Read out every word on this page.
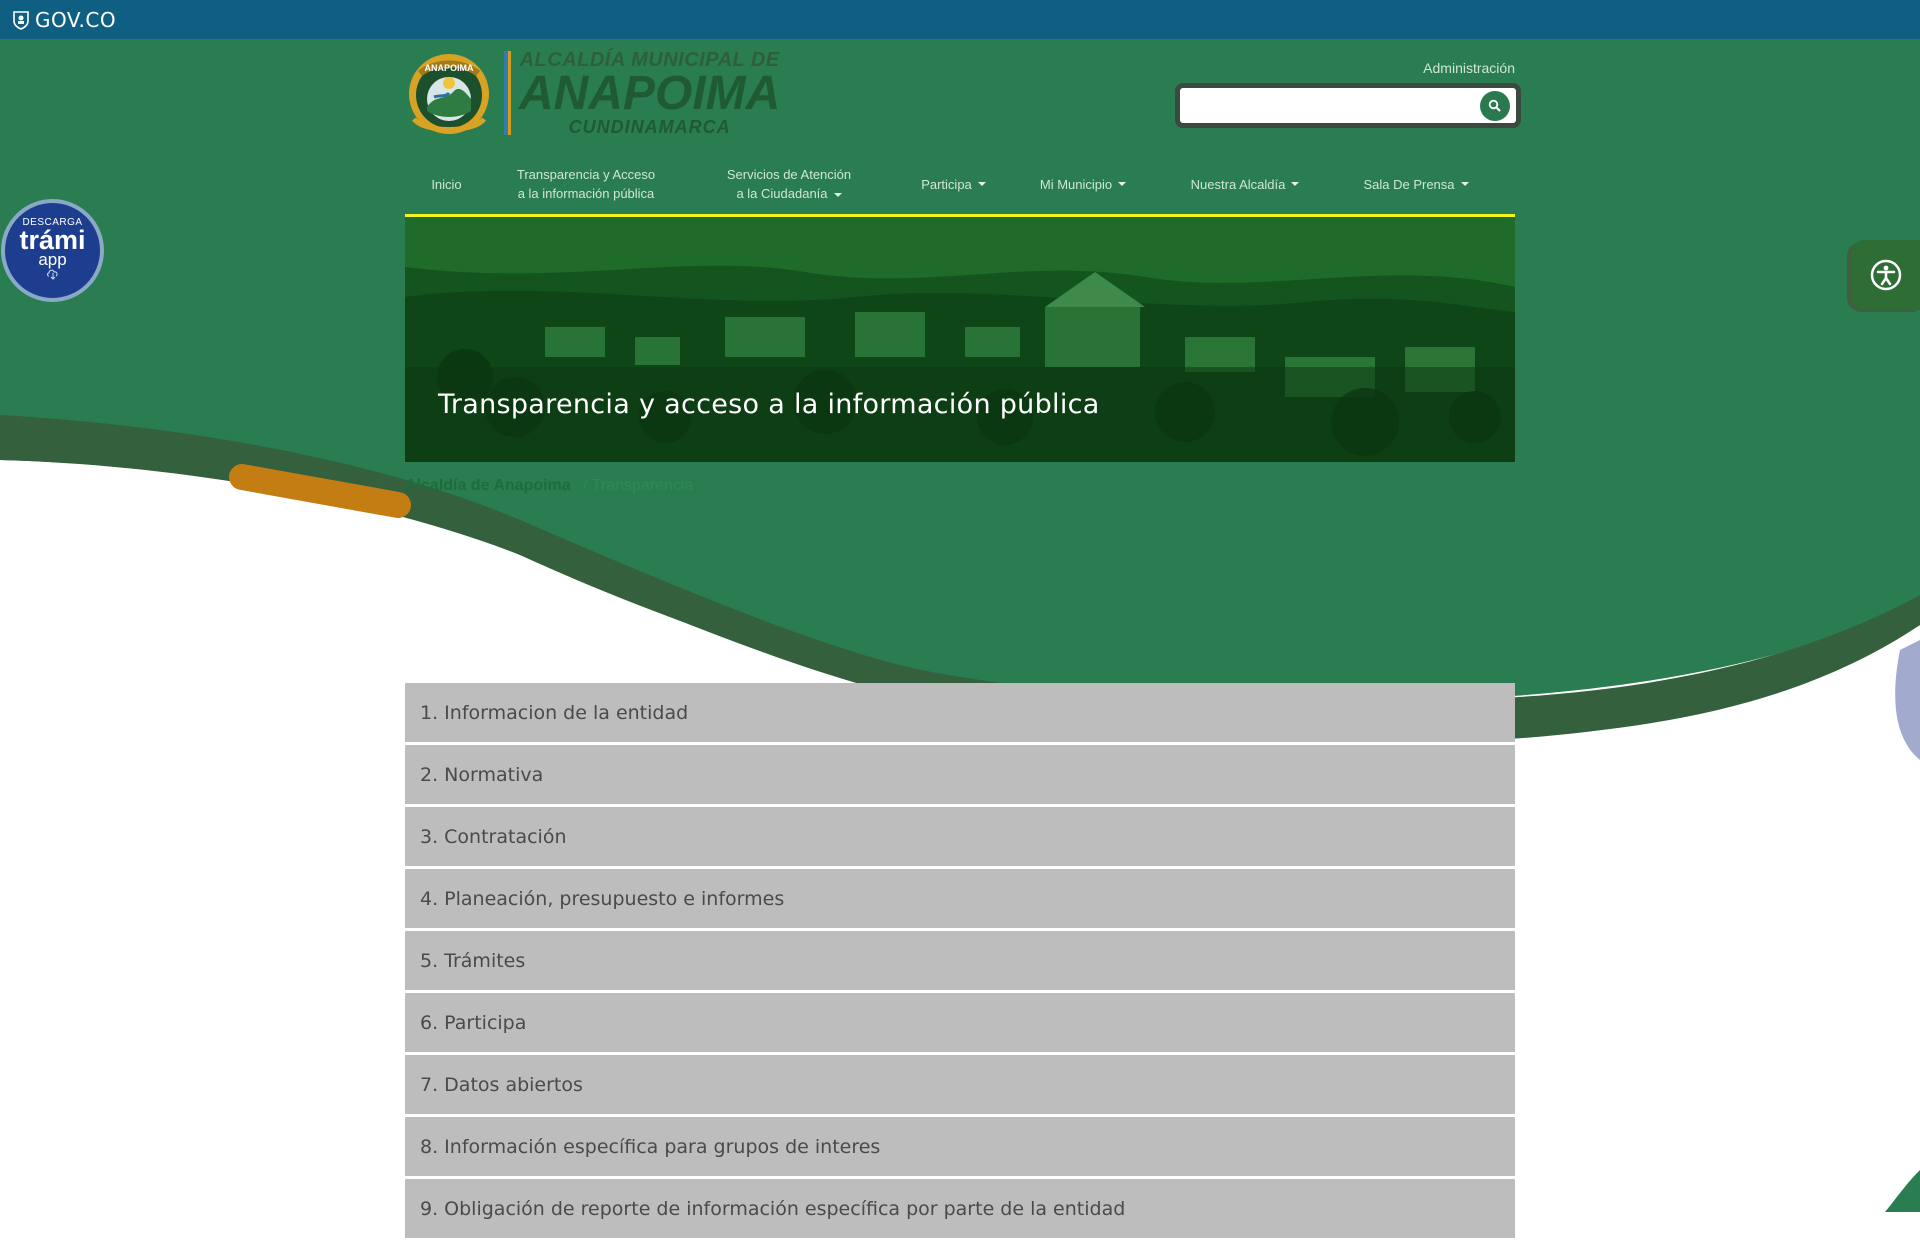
GOV.CO
ANAPOIMA ALCALDÍA MUNICIPAL DE
ANAPOIMA
CUNDINAMARCA
Administración
Inicio
Transparencia y Acceso
a la información pública
Servicios de Atención
a la Ciudadanía
Participa	Mi Municipio	Nuestra Alcaldía	Sala De Prensa
Transparencia y acceso a la información pública
Alcaldía de Anapoima / Transparencia
DESCARGA
trámi
app
1. Informacion de la entidad
2. Normativa
3. Contratación
4. Planeación, presupuesto e informes
5. Trámites
6. Participa
7. Datos abiertos
8. Información específica para grupos de interes
9. Obligación de reporte de información específica por parte de la entidad
